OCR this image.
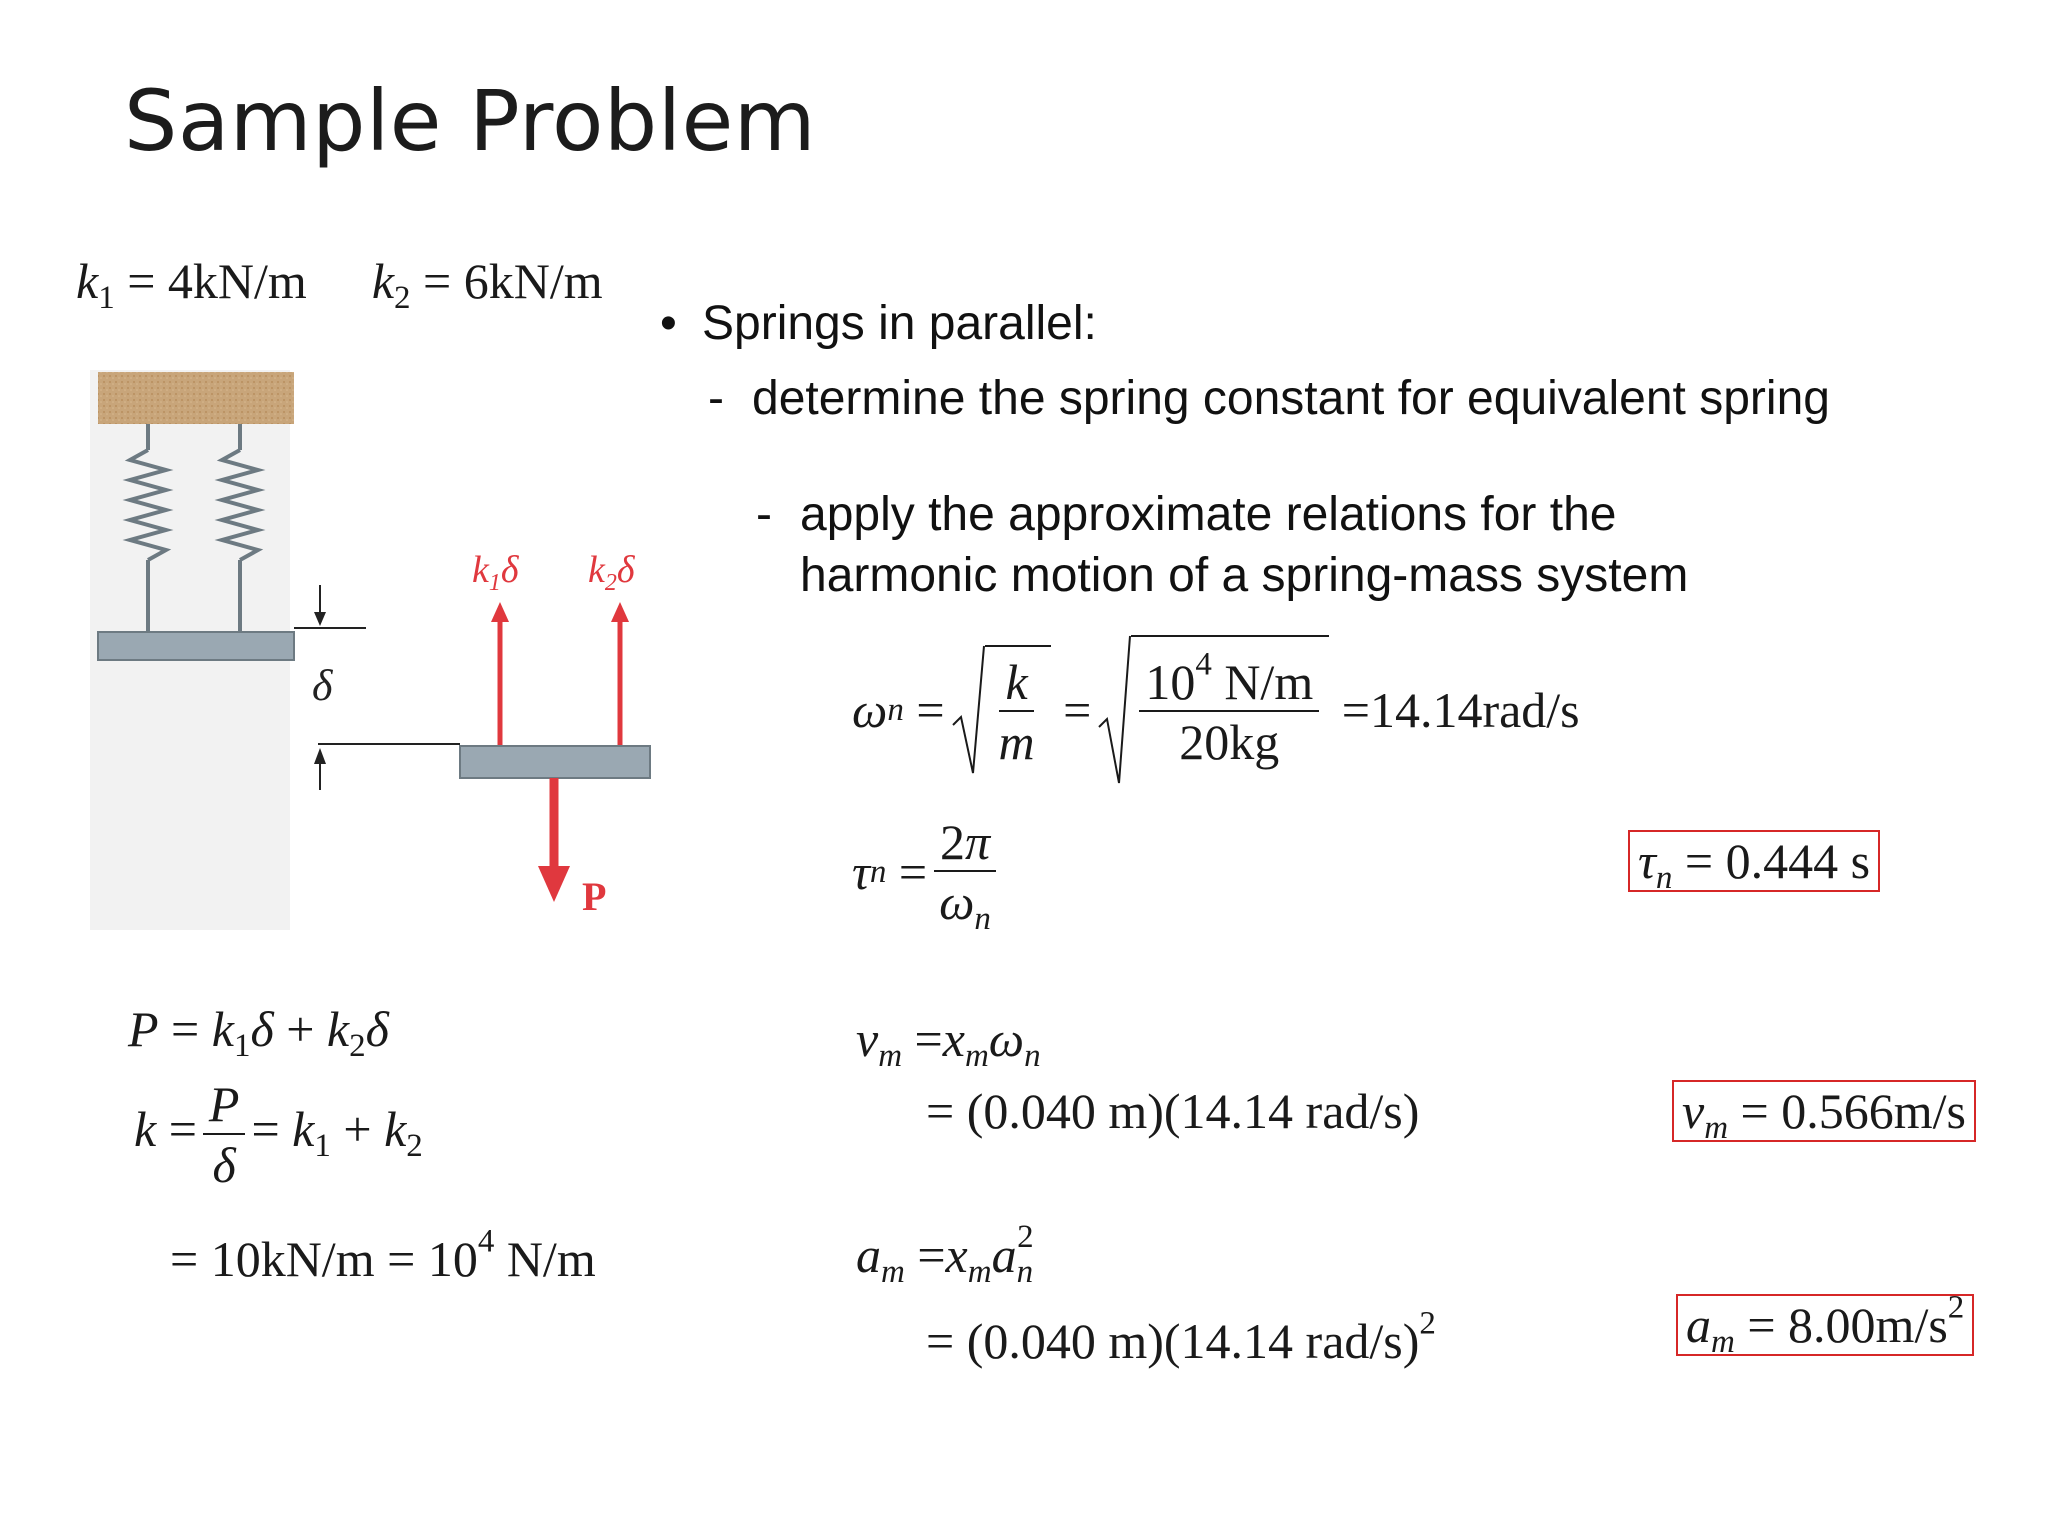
Sample Problem
$k_1 = 4kN/m$ $k_2 = 6kN/m$
δ
$k_1\delta$ $k_2\delta$
P
• Springs in parallel:
- determine the spring constant for equivalent spring
- apply the approximate relations for the
harmonic motion of a spring-mass system
$P = k_1\delta + k_2\delta$
$k = \frac{P}{\delta} = k_1 + k_2$
= $10kN/m = 10^4$ N/m
ω $n = \frac{k}{m} = \frac{10^4 N/m}{20kg} = 14.14$ rad/s
τ $n = \frac{2\pi}{\omega_n}$	$\tau_n = 0.444$ s
$v_m =x_m\omega_n$
= (0.040 m)(14.14 rad/s)	$v_m = 0.566m/s$
$a_m =x_ma_n^2$
= (0.040 m)(14.14 rad/s)$^2$	$a_m = 8.00m/s^2$
